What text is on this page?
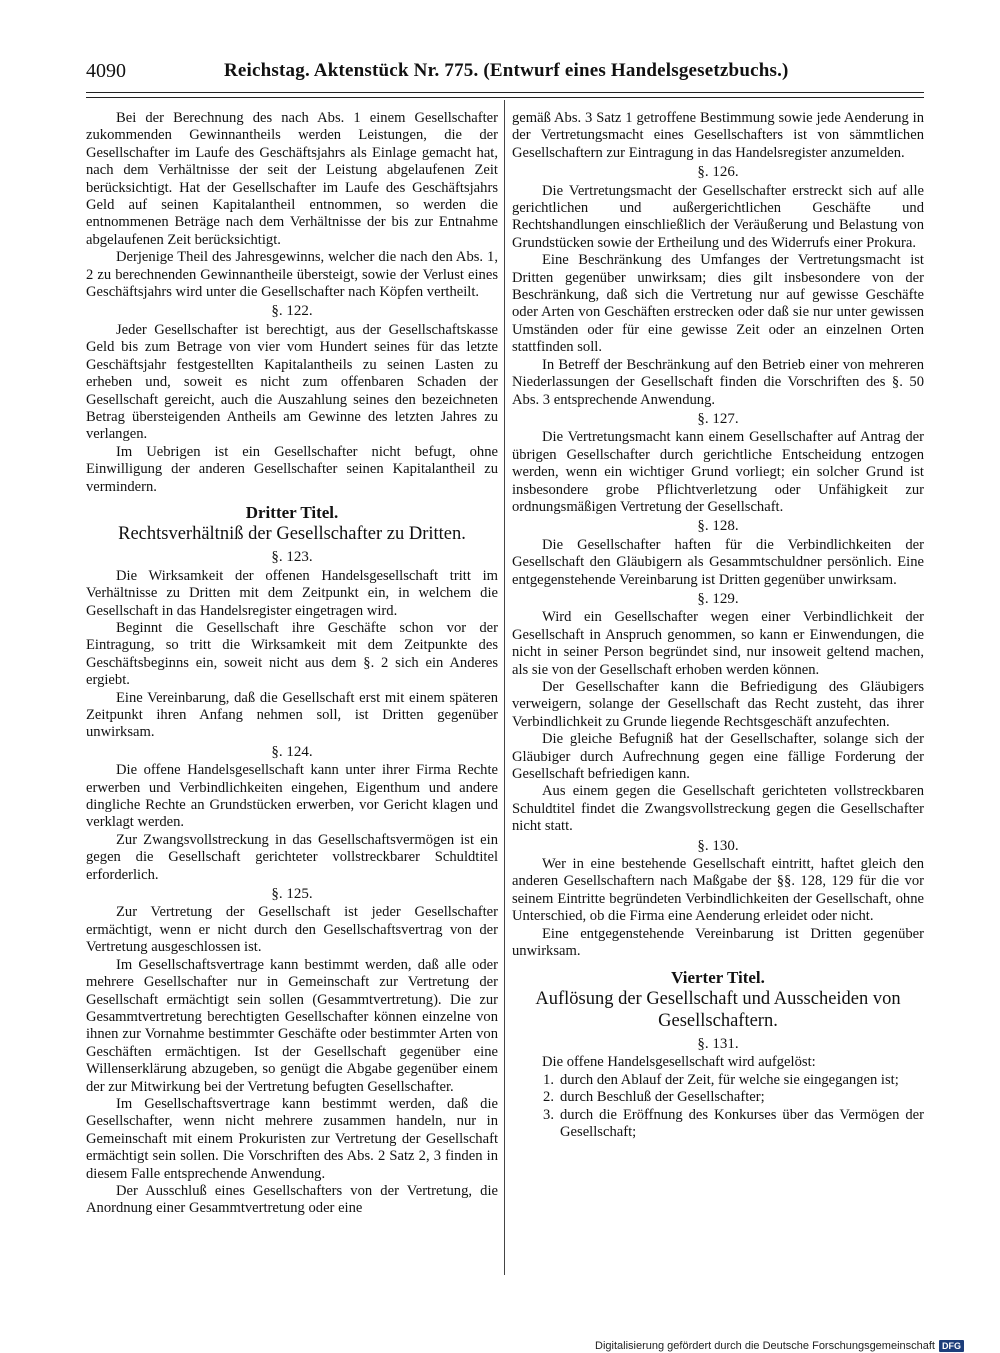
4090	Reichstag. Aktenstück Nr. 775. (Entwurf eines Handelsgesetzbuchs.)

Bei der Berechnung des nach Abs. 1 einem Gesellschafter zukommenden Gewinnantheils werden Leistungen, die der Gesellschafter im Laufe des Geschäftsjahrs als Einlage gemacht hat, nach dem Verhältnisse der seit der Leistung abgelaufenen Zeit berücksichtigt. Hat der Gesellschafter im Laufe des Geschäftsjahrs Geld auf seinen Kapitalantheil entnommen, so werden die entnommenen Beträge nach dem Verhältnisse der bis zur Entnahme abgelaufenen Zeit berücksichtigt.

Derjenige Theil des Jahresgewinns, welcher die nach den Abs. 1, 2 zu berechnenden Gewinnantheile übersteigt, sowie der Verlust eines Geschäftsjahrs wird unter die Gesellschafter nach Köpfen vertheilt.

§. 122.

Jeder Gesellschafter ist berechtigt, aus der Gesellschaftskasse Geld bis zum Betrage von vier vom Hundert seines für das letzte Geschäftsjahr festgestellten Kapitalantheils zu seinen Lasten zu erheben und, soweit es nicht zum offenbaren Schaden der Gesellschaft gereicht, auch die Auszahlung seines den bezeichneten Betrag übersteigenden Antheils am Gewinne des letzten Jahres zu verlangen.

Im Uebrigen ist ein Gesellschafter nicht befugt, ohne Einwilligung der anderen Gesellschafter seinen Kapitalantheil zu vermindern.

Dritter Titel.
Rechtsverhältniß der Gesellschafter zu Dritten.
§. 123.

Die Wirksamkeit der offenen Handelsgesellschaft tritt im Verhältnisse zu Dritten mit dem Zeitpunkt ein, in welchem die Gesellschaft in das Handelsregister eingetragen wird.

Beginnt die Gesellschaft ihre Geschäfte schon vor der Eintragung, so tritt die Wirksamkeit mit dem Zeitpunkte des Geschäftsbeginns ein, soweit nicht aus dem §. 2 sich ein Anderes ergiebt.

Eine Vereinbarung, daß die Gesellschaft erst mit einem späteren Zeitpunkt ihren Anfang nehmen soll, ist Dritten gegenüber unwirksam.

§. 124.

Die offene Handelsgesellschaft kann unter ihrer Firma Rechte erwerben und Verbindlichkeiten eingehen, Eigenthum und andere dingliche Rechte an Grundstücken erwerben, vor Gericht klagen und verklagt werden.

Zur Zwangsvollstreckung in das Gesellschaftsvermögen ist ein gegen die Gesellschaft gerichteter vollstreckbarer Schuldtitel erforderlich.

§. 125.

Zur Vertretung der Gesellschaft ist jeder Gesellschafter ermächtigt, wenn er nicht durch den Gesellschaftsvertrag von der Vertretung ausgeschlossen ist.

Im Gesellschaftsvertrage kann bestimmt werden, daß alle oder mehrere Gesellschafter nur in Gemeinschaft zur Vertretung der Gesellschaft ermächtigt sein sollen (Gesammtvertretung). Die zur Gesammtvertretung berechtigten Gesellschafter können einzelne von ihnen zur Vornahme bestimmter Geschäfte oder bestimmter Arten von Geschäften ermächtigen. Ist der Gesellschaft gegenüber eine Willenserklärung abzugeben, so genügt die Abgabe gegenüber einem der zur Mitwirkung bei der Vertretung befugten Gesellschafter.

Im Gesellschaftsvertrage kann bestimmt werden, daß die Gesellschafter, wenn nicht mehrere zusammen handeln, nur in Gemeinschaft mit einem Prokuristen zur Vertretung der Gesellschaft ermächtigt sein sollen. Die Vorschriften des Abs. 2 Satz 2, 3 finden in diesem Falle entsprechende Anwendung.

Der Ausschluß eines Gesellschafters von der Vertretung, die Anordnung einer Gesammtvertretung oder eine

gemäß Abs. 3 Satz 1 getroffene Bestimmung sowie jede Aenderung in der Vertretungsmacht eines Gesellschafters ist von sämmtlichen Gesellschaftern zur Eintragung in das Handelsregister anzumelden.

§. 126.

Die Vertretungsmacht der Gesellschafter erstreckt sich auf alle gerichtlichen und außergerichtlichen Geschäfte und Rechtshandlungen einschließlich der Veräußerung und Belastung von Grundstücken sowie der Ertheilung und des Widerrufs einer Prokura.

Eine Beschränkung des Umfanges der Vertretungsmacht ist Dritten gegenüber unwirksam; dies gilt insbesondere von der Beschränkung, daß sich die Vertretung nur auf gewisse Geschäfte oder Arten von Geschäften erstrecken oder daß sie nur unter gewissen Umständen oder für eine gewisse Zeit oder an einzelnen Orten stattfinden soll.

In Betreff der Beschränkung auf den Betrieb einer von mehreren Niederlassungen der Gesellschaft finden die Vorschriften des §. 50 Abs. 3 entsprechende Anwendung.

§. 127.

Die Vertretungsmacht kann einem Gesellschafter auf Antrag der übrigen Gesellschafter durch gerichtliche Entscheidung entzogen werden, wenn ein wichtiger Grund vorliegt; ein solcher Grund ist insbesondere grobe Pflichtverletzung oder Unfähigkeit zur ordnungsmäßigen Vertretung der Gesellschaft.

§. 128.

Die Gesellschafter haften für die Verbindlichkeiten der Gesellschaft den Gläubigern als Gesammtschuldner persönlich. Eine entgegenstehende Vereinbarung ist Dritten gegenüber unwirksam.

§. 129.

Wird ein Gesellschafter wegen einer Verbindlichkeit der Gesellschaft in Anspruch genommen, so kann er Einwendungen, die nicht in seiner Person begründet sind, nur insoweit geltend machen, als sie von der Gesellschaft erhoben werden können.

Der Gesellschafter kann die Befriedigung des Gläubigers verweigern, solange der Gesellschaft das Recht zusteht, das ihrer Verbindlichkeit zu Grunde liegende Rechtsgeschäft anzufechten.

Die gleiche Befugniß hat der Gesellschafter, solange sich der Gläubiger durch Aufrechnung gegen eine fällige Forderung der Gesellschaft befriedigen kann.

Aus einem gegen die Gesellschaft gerichteten vollstreckbaren Schuldtitel findet die Zwangsvollstreckung gegen die Gesellschafter nicht statt.

§. 130.

Wer in eine bestehende Gesellschaft eintritt, haftet gleich den anderen Gesellschaftern nach Maßgabe der §§. 128, 129 für die vor seinem Eintritte begründeten Verbindlichkeiten der Gesellschaft, ohne Unterschied, ob die Firma eine Aenderung erleidet oder nicht.

Eine entgegenstehende Vereinbarung ist Dritten gegenüber unwirksam.

Vierter Titel.
Auflösung der Gesellschaft und Ausscheiden von Gesellschaftern.
§. 131.

Die offene Handelsgesellschaft wird aufgelöst:

1. durch den Ablauf der Zeit, für welche sie eingegangen ist;
2. durch Beschluß der Gesellschafter;
3. durch die Eröffnung des Konkurses über das Vermögen der Gesellschaft;
Digitalisierung gefördert durch die Deutsche Forschungsgemeinschaft DFG
